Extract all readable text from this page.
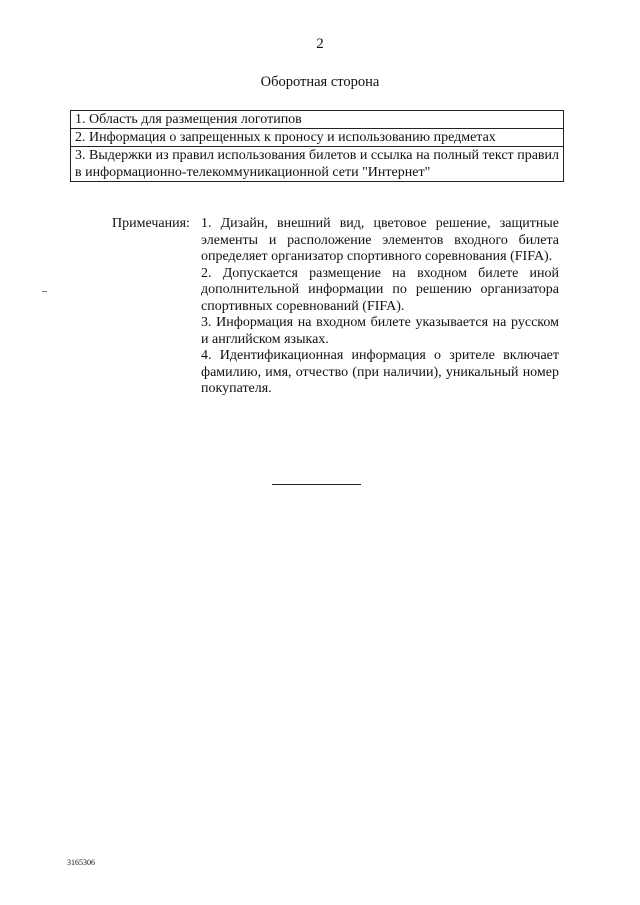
2
Оборотная сторона
1. Область для размещения логотипов
2. Информация о запрещенных к проносу и использованию предметах
3. Выдержки из правил использования билетов и ссылка на полный текст правил в информационно-телекоммуникационной сети "Интернет"
Примечания: 1. Дизайн, внешний вид, цветовое решение, защитные элементы и расположение элементов входного билета определяет организатор спортивного соревнования (FIFA).
2. Допускается размещение на входном билете иной дополнительной информации по решению организатора спортивных соревнований (FIFA).
3. Информация на входном билете указывается на русском и английском языках.
4. Идентификационная информация о зрителе включает фамилию, имя, отчество (при наличии), уникальный номер покупателя.
3165306
